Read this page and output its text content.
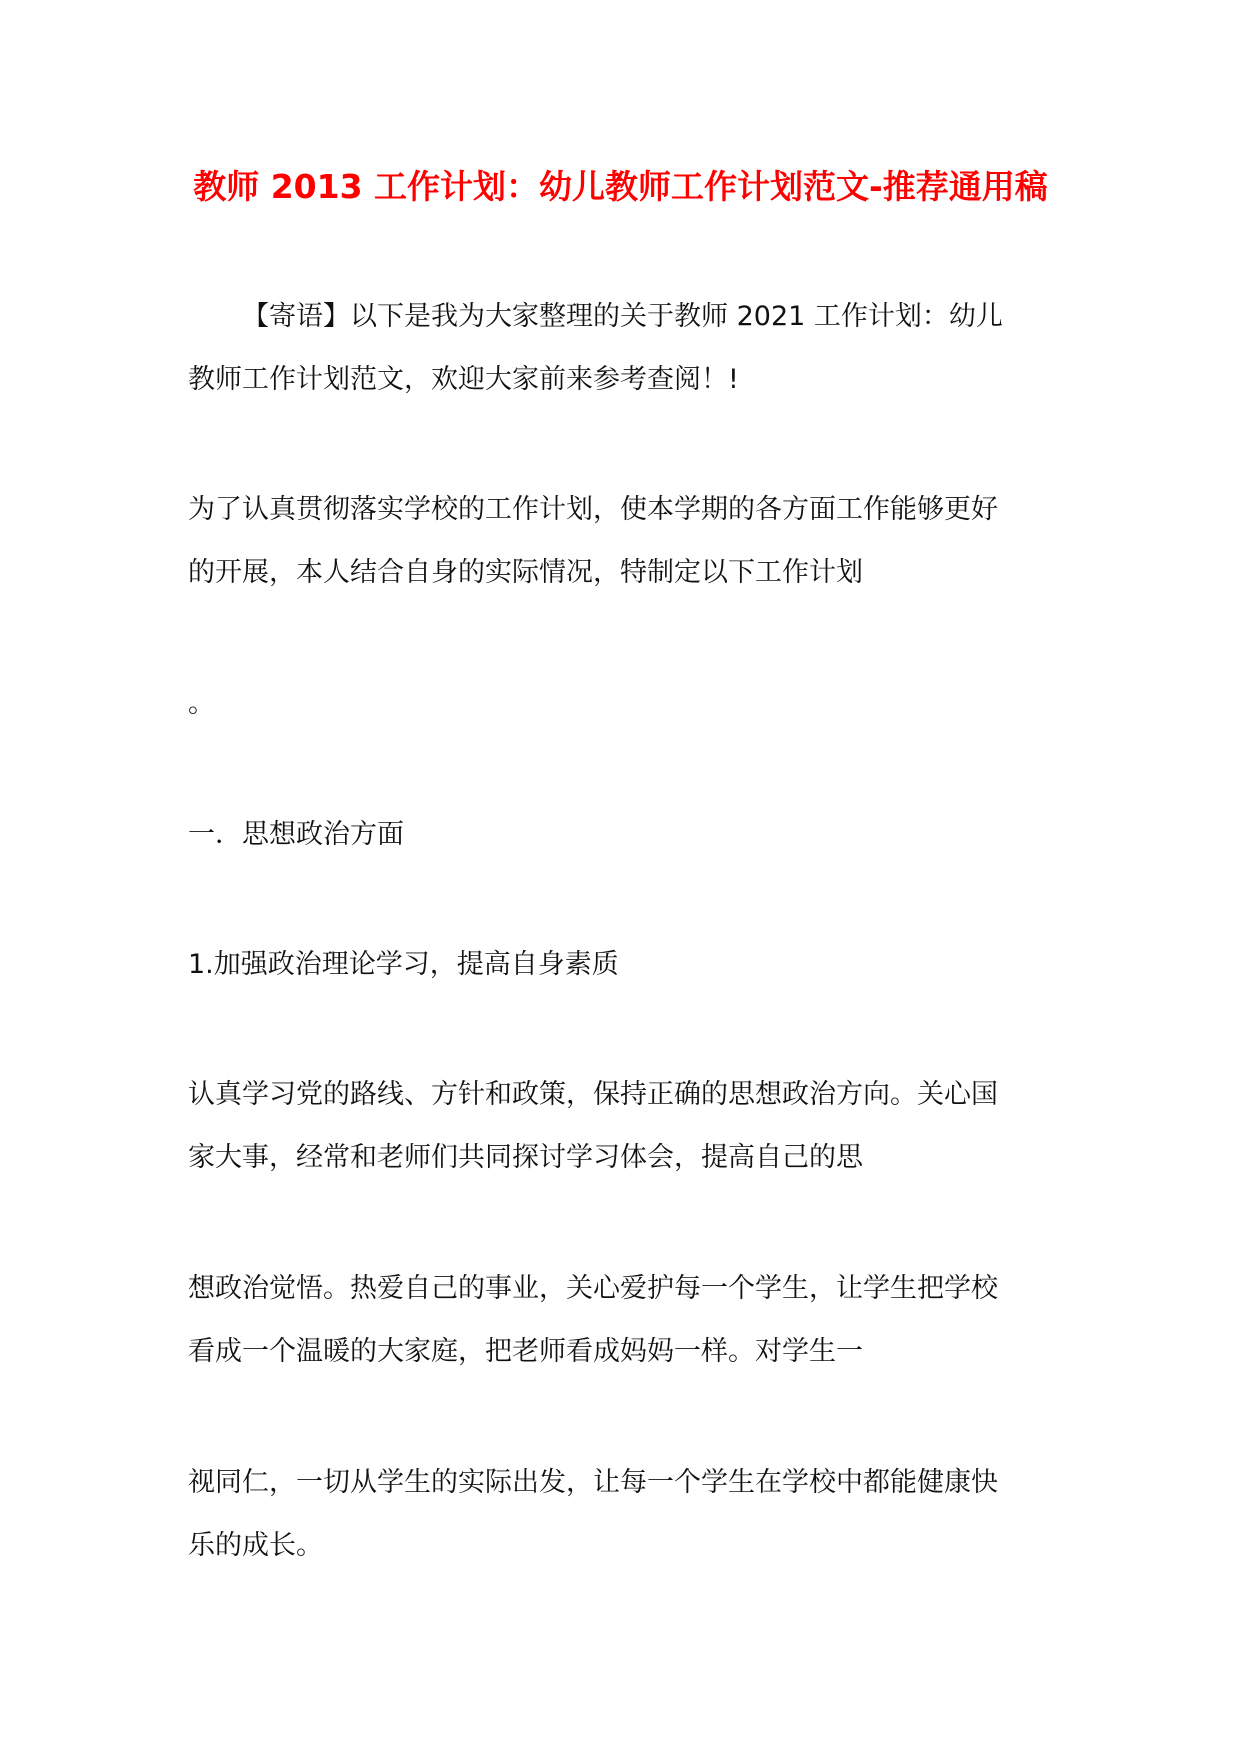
教师 2013 工作计划：幼儿教师工作计划范文-推荐通用稿
【寄语】以下是我为大家整理的关于教师 2021 工作计划：幼儿
教师工作计划范文，欢迎大家前来参考查阅！!
为了认真贯彻落实学校的工作计划，使本学期的各方面工作能够更好
的开展，本人结合自身的实际情况，特制定以下工作计划
。
一．思想政治方面
1.加强政治理论学习，提高自身素质
认真学习党的路线、方针和政策，保持正确的思想政治方向。关心国
家大事，经常和老师们共同探讨学习体会，提高自己的思
想政治觉悟。热爱自己的事业，关心爱护每一个学生，让学生把学校
看成一个温暖的大家庭，把老师看成妈妈一样。对学生一
视同仁，一切从学生的实际出发，让每一个学生在学校中都能健康快
乐的成长。
